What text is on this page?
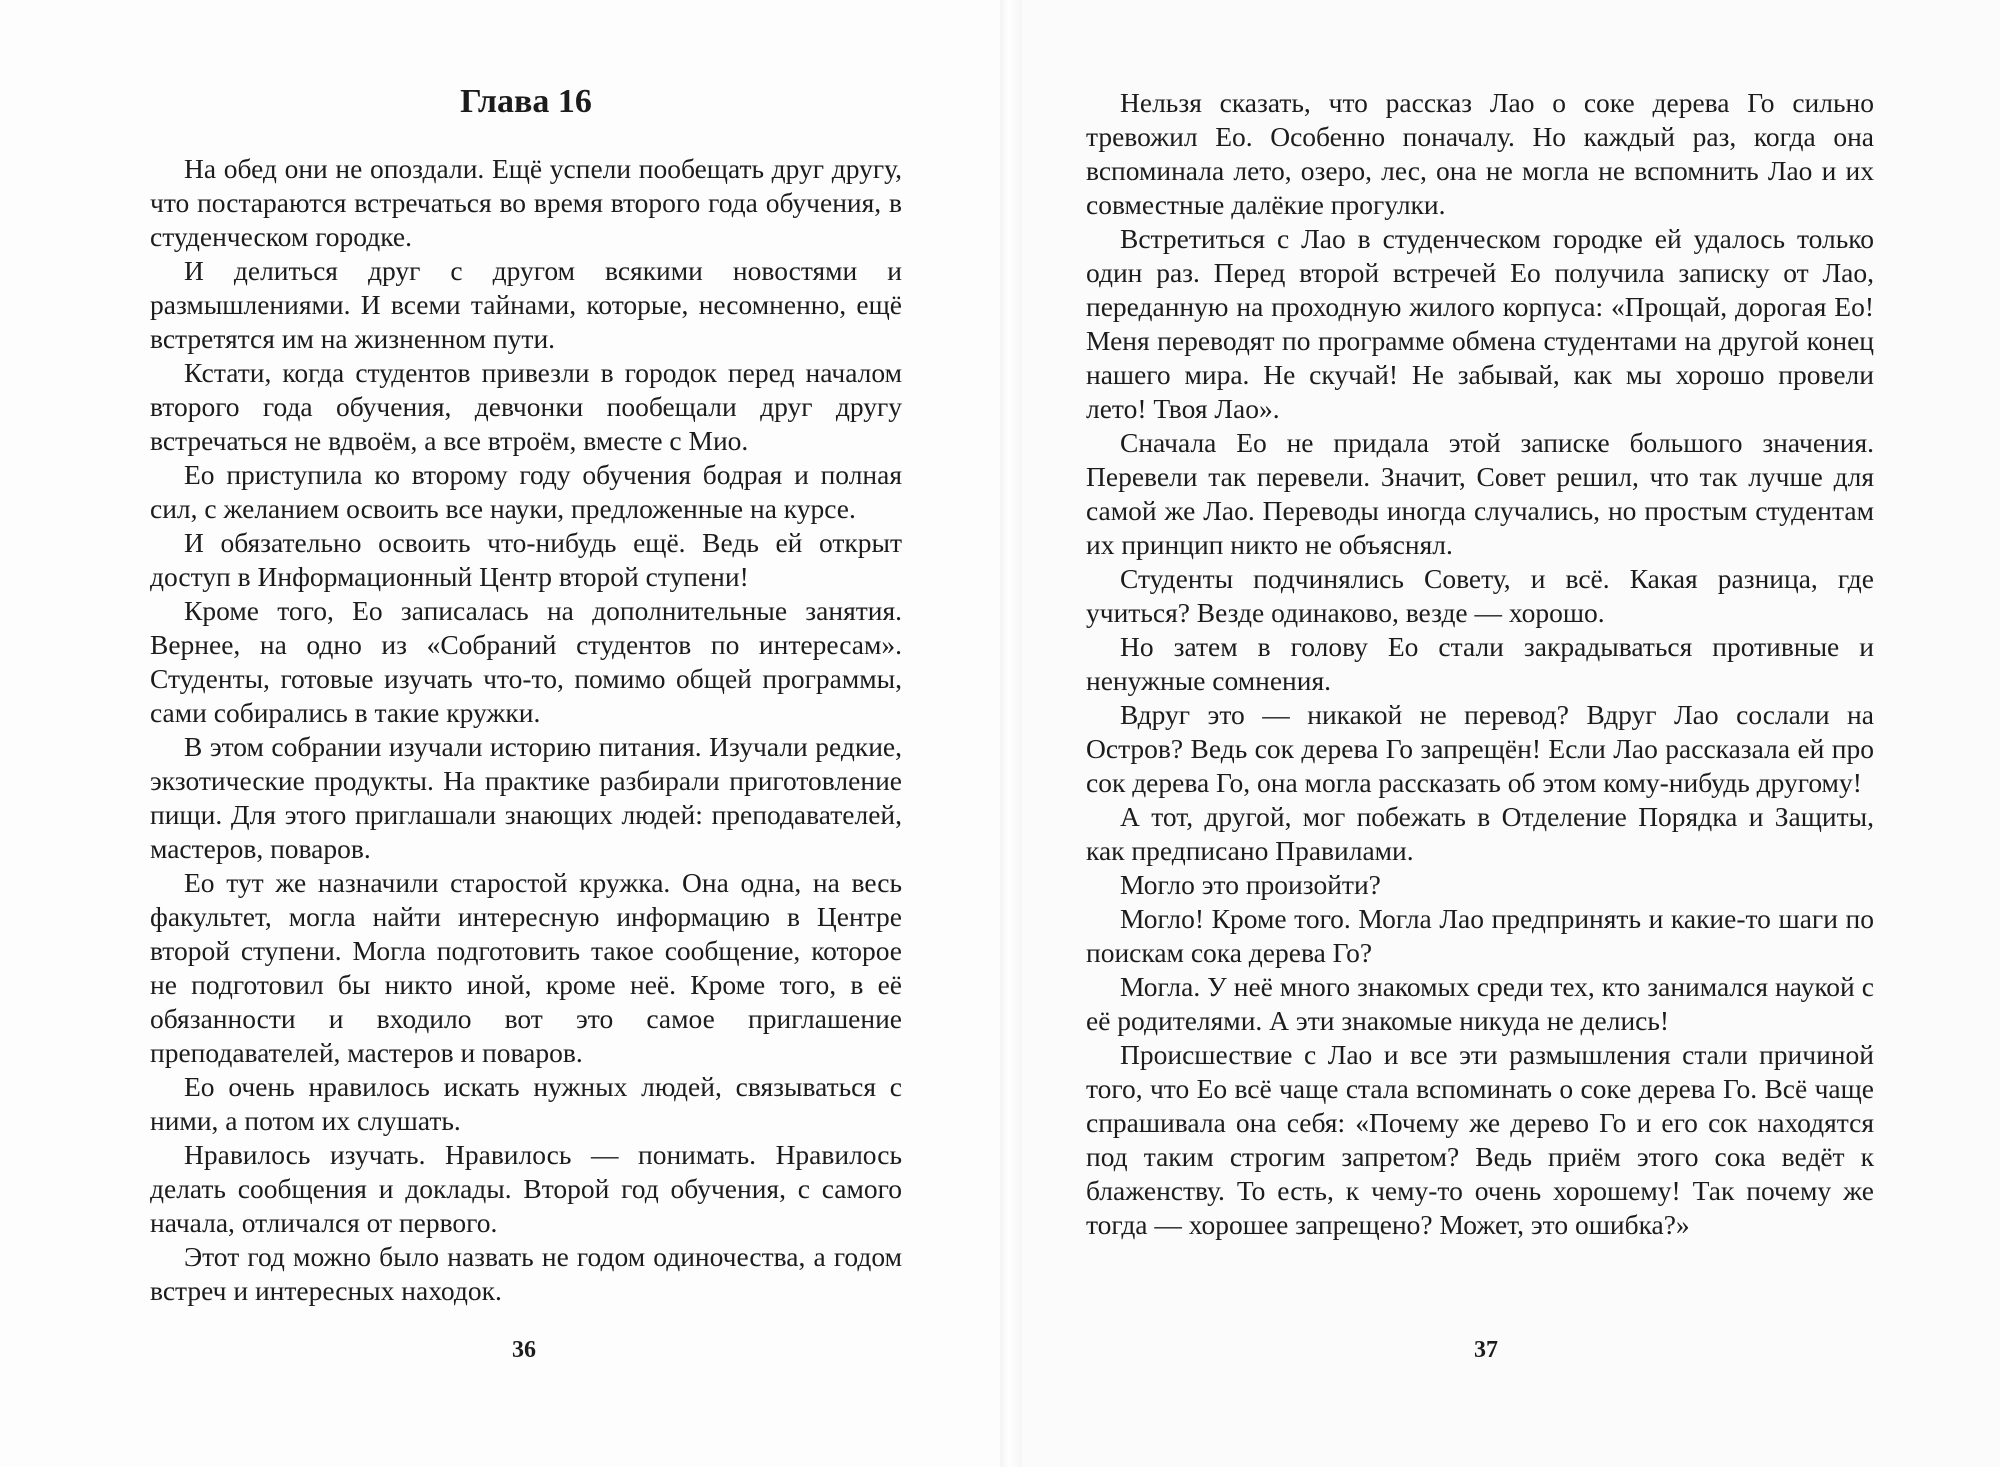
Глава 16

На обед они не опоздали. Ещё успели пообещать друг другу, что постараются встречаться во время второго года обучения, в студенческом городке.

И делиться друг с другом всякими новостями и размышлениями. И всеми тайнами, которые, несомненно, ещё встретятся им на жизненном пути.

Кстати, когда студентов привезли в городок перед началом второго года обучения, девчонки пообещали друг другу встречаться не вдвоём, а все втроём, вместе с Мио.

Ео приступила ко второму году обучения бодрая и полная сил, с желанием освоить все науки, предложенные на курсе.

И обязательно освоить что-нибудь ещё. Ведь ей открыт доступ в Информационный Центр второй ступени!

Кроме того, Ео записалась на дополнительные занятия. Вернее, на одно из «Собраний студентов по интересам». Студенты, готовые изучать что-то, помимо общей программы, сами собирались в такие кружки.

В этом собрании изучали историю питания. Изучали редкие, экзотические продукты. На практике разбирали приготовление пищи. Для этого приглашали знающих людей: преподавателей, мастеров, поваров.

Ео тут же назначили старостой кружка. Она одна, на весь факультет, могла найти интересную информацию в Центре второй ступени. Могла подготовить такое сообщение, которое не подготовил бы никто иной, кроме неё. Кроме того, в её обязанности и входило вот это самое приглашение преподавателей, мастеров и поваров.

Ео очень нравилось искать нужных людей, связываться с ними, а потом их слушать.

Нравилось изучать. Нравилось — понимать. Нравилось делать сообщения и доклады. Второй год обучения, с самого начала, отличался от первого.

Этот год можно было назвать не годом одиночества, а годом встреч и интересных находок.

36

Нельзя сказать, что рассказ Лао о соке дерева Го сильно тревожил Ео. Особенно поначалу. Но каждый раз, когда она вспоминала лето, озеро, лес, она не могла не вспомнить Лао и их совместные далёкие прогулки.

Встретиться с Лао в студенческом городке ей удалось только один раз. Перед второй встречей Ео получила записку от Лао, переданную на проходную жилого корпуса: «Прощай, дорогая Ео! Меня переводят по программе обмена студентами на другой конец нашего мира. Не скучай! Не забывай, как мы хорошо провели лето! Твоя Лао».

Сначала Ео не придала этой записке большого значения. Перевели так перевели. Значит, Совет решил, что так лучше для самой же Лао. Переводы иногда случались, но простым студентам их принцип никто не объяснял.

Студенты подчинялись Совету, и всё. Какая разница, где учиться? Везде одинаково, везде — хорошо.

Но затем в голову Ео стали закрадываться противные и ненужные сомнения.

Вдруг это — никакой не перевод? Вдруг Лао сослали на Остров? Ведь сок дерева Го запрещён! Если Лао рассказала ей про сок дерева Го, она могла рассказать об этом кому-нибудь другому!

А тот, другой, мог побежать в Отделение Порядка и Защиты, как предписано Правилами.

Могло это произойти?

Могло! Кроме того. Могла Лао предпринять и какие-то шаги по поискам сока дерева Го?

Могла. У неё много знакомых среди тех, кто занимался наукой с её родителями. А эти знакомые никуда не делись!

Происшествие с Лао и все эти размышления стали причиной того, что Ео всё чаще стала вспоминать о соке дерева Го. Всё чаще спрашивала она себя: «Почему же дерево Го и его сок находятся под таким строгим запретом? Ведь приём этого сока ведёт к блаженству. То есть, к чему-то очень хорошему! Так почему же тогда — хорошее запрещено? Может, это ошибка?»

37
